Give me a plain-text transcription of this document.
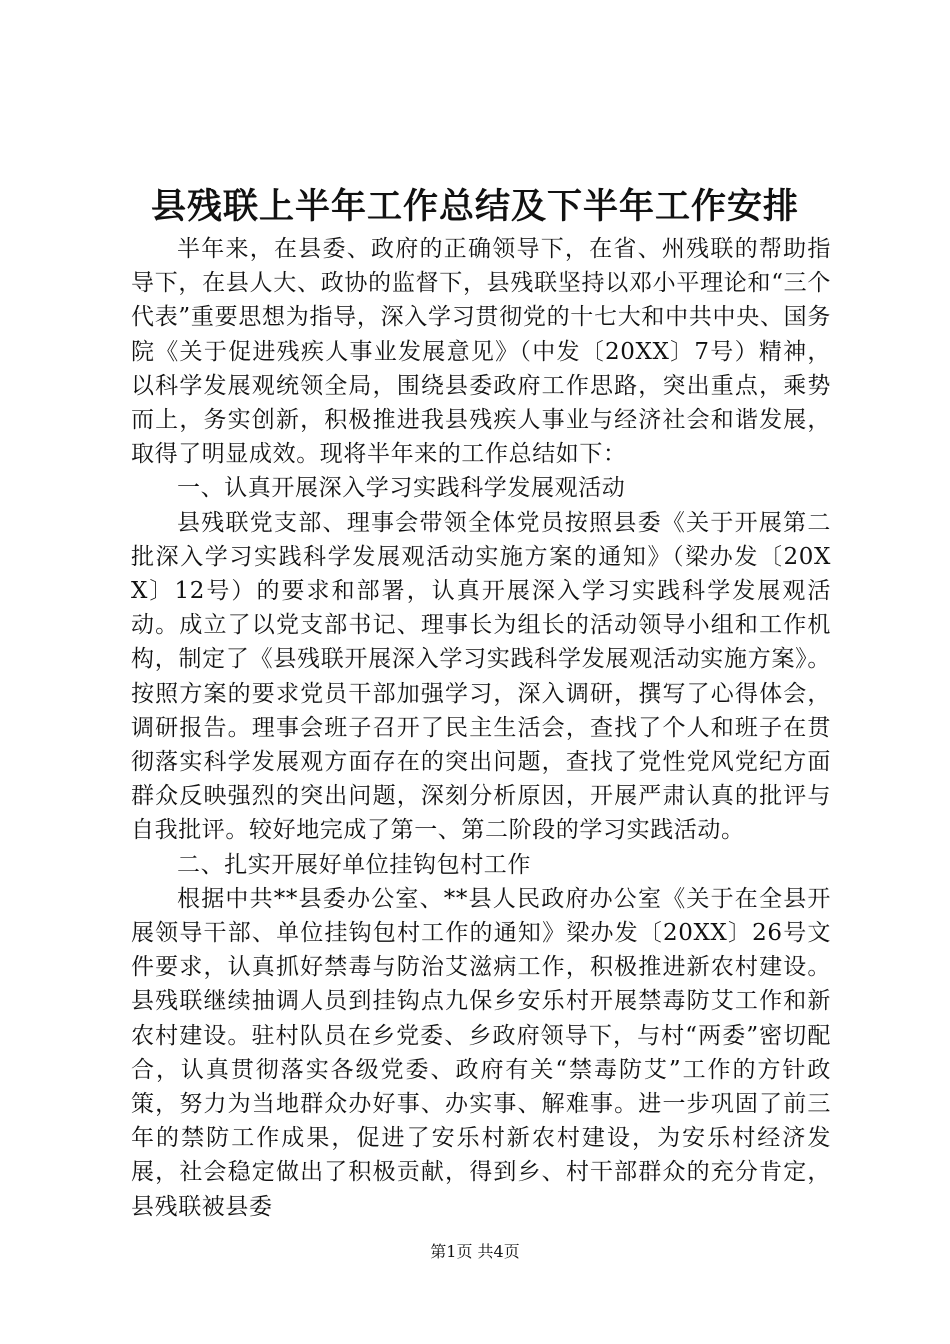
县残联上半年工作总结及下半年工作安排

半年来，在县委、政府的正确领导下，在省、州残联的帮助指导下，在县人大、政协的监督下，县残联坚持以邓小平理论和“三个代表”重要思想为指导，深入学习贯彻党的十七大和中共中央、国务院《关于促进残疾人事业发展意见》（中发〔20XX〕7号）精神，以科学发展观统领全局，围绕县委政府工作思路，突出重点，乘势而上，务实创新，积极推进我县残疾人事业与经济社会和谐发展，取得了明显成效。现将半年来的工作总结如下：

一、认真开展深入学习实践科学发展观活动

县残联党支部、理事会带领全体党员按照县委《关于开展第二批深入学习实践科学发展观活动实施方案的通知》（梁办发〔20XX〕12号）的要求和部署，认真开展深入学习实践科学发展观活动。成立了以党支部书记、理事长为组长的活动领导小组和工作机构，制定了《县残联开展深入学习实践科学发展观活动实施方案》。按照方案的要求党员干部加强学习，深入调研，撰写了心得体会，调研报告。理事会班子召开了民主生活会，查找了个人和班子在贯彻落实科学发展观方面存在的突出问题，查找了党性党风党纪方面群众反映强烈的突出问题，深刻分析原因，开展严肃认真的批评与自我批评。较好地完成了第一、第二阶段的学习实践活动。

二、扎实开展好单位挂钩包村工作

根据中共**县委办公室、**县人民政府办公室《关于在全县开展领导干部、单位挂钩包村工作的通知》梁办发〔20XX〕26号文件要求，认真抓好禁毒与防治艾滋病工作，积极推进新农村建设。县残联继续抽调人员到挂钩点九保乡安乐村开展禁毒防艾工作和新农村建设。驻村队员在乡党委、乡政府领导下，与村“两委”密切配合，认真贯彻落实各级党委、政府有关“禁毒防艾”工作的方针政策，努力为当地群众办好事、办实事、解难事。进一步巩固了前三年的禁防工作成果，促进了安乐村新农村建设，为安乐村经济发展，社会稳定做出了积极贡献，得到乡、村干部群众的充分肯定，县残联被县委

第1页 共4页
